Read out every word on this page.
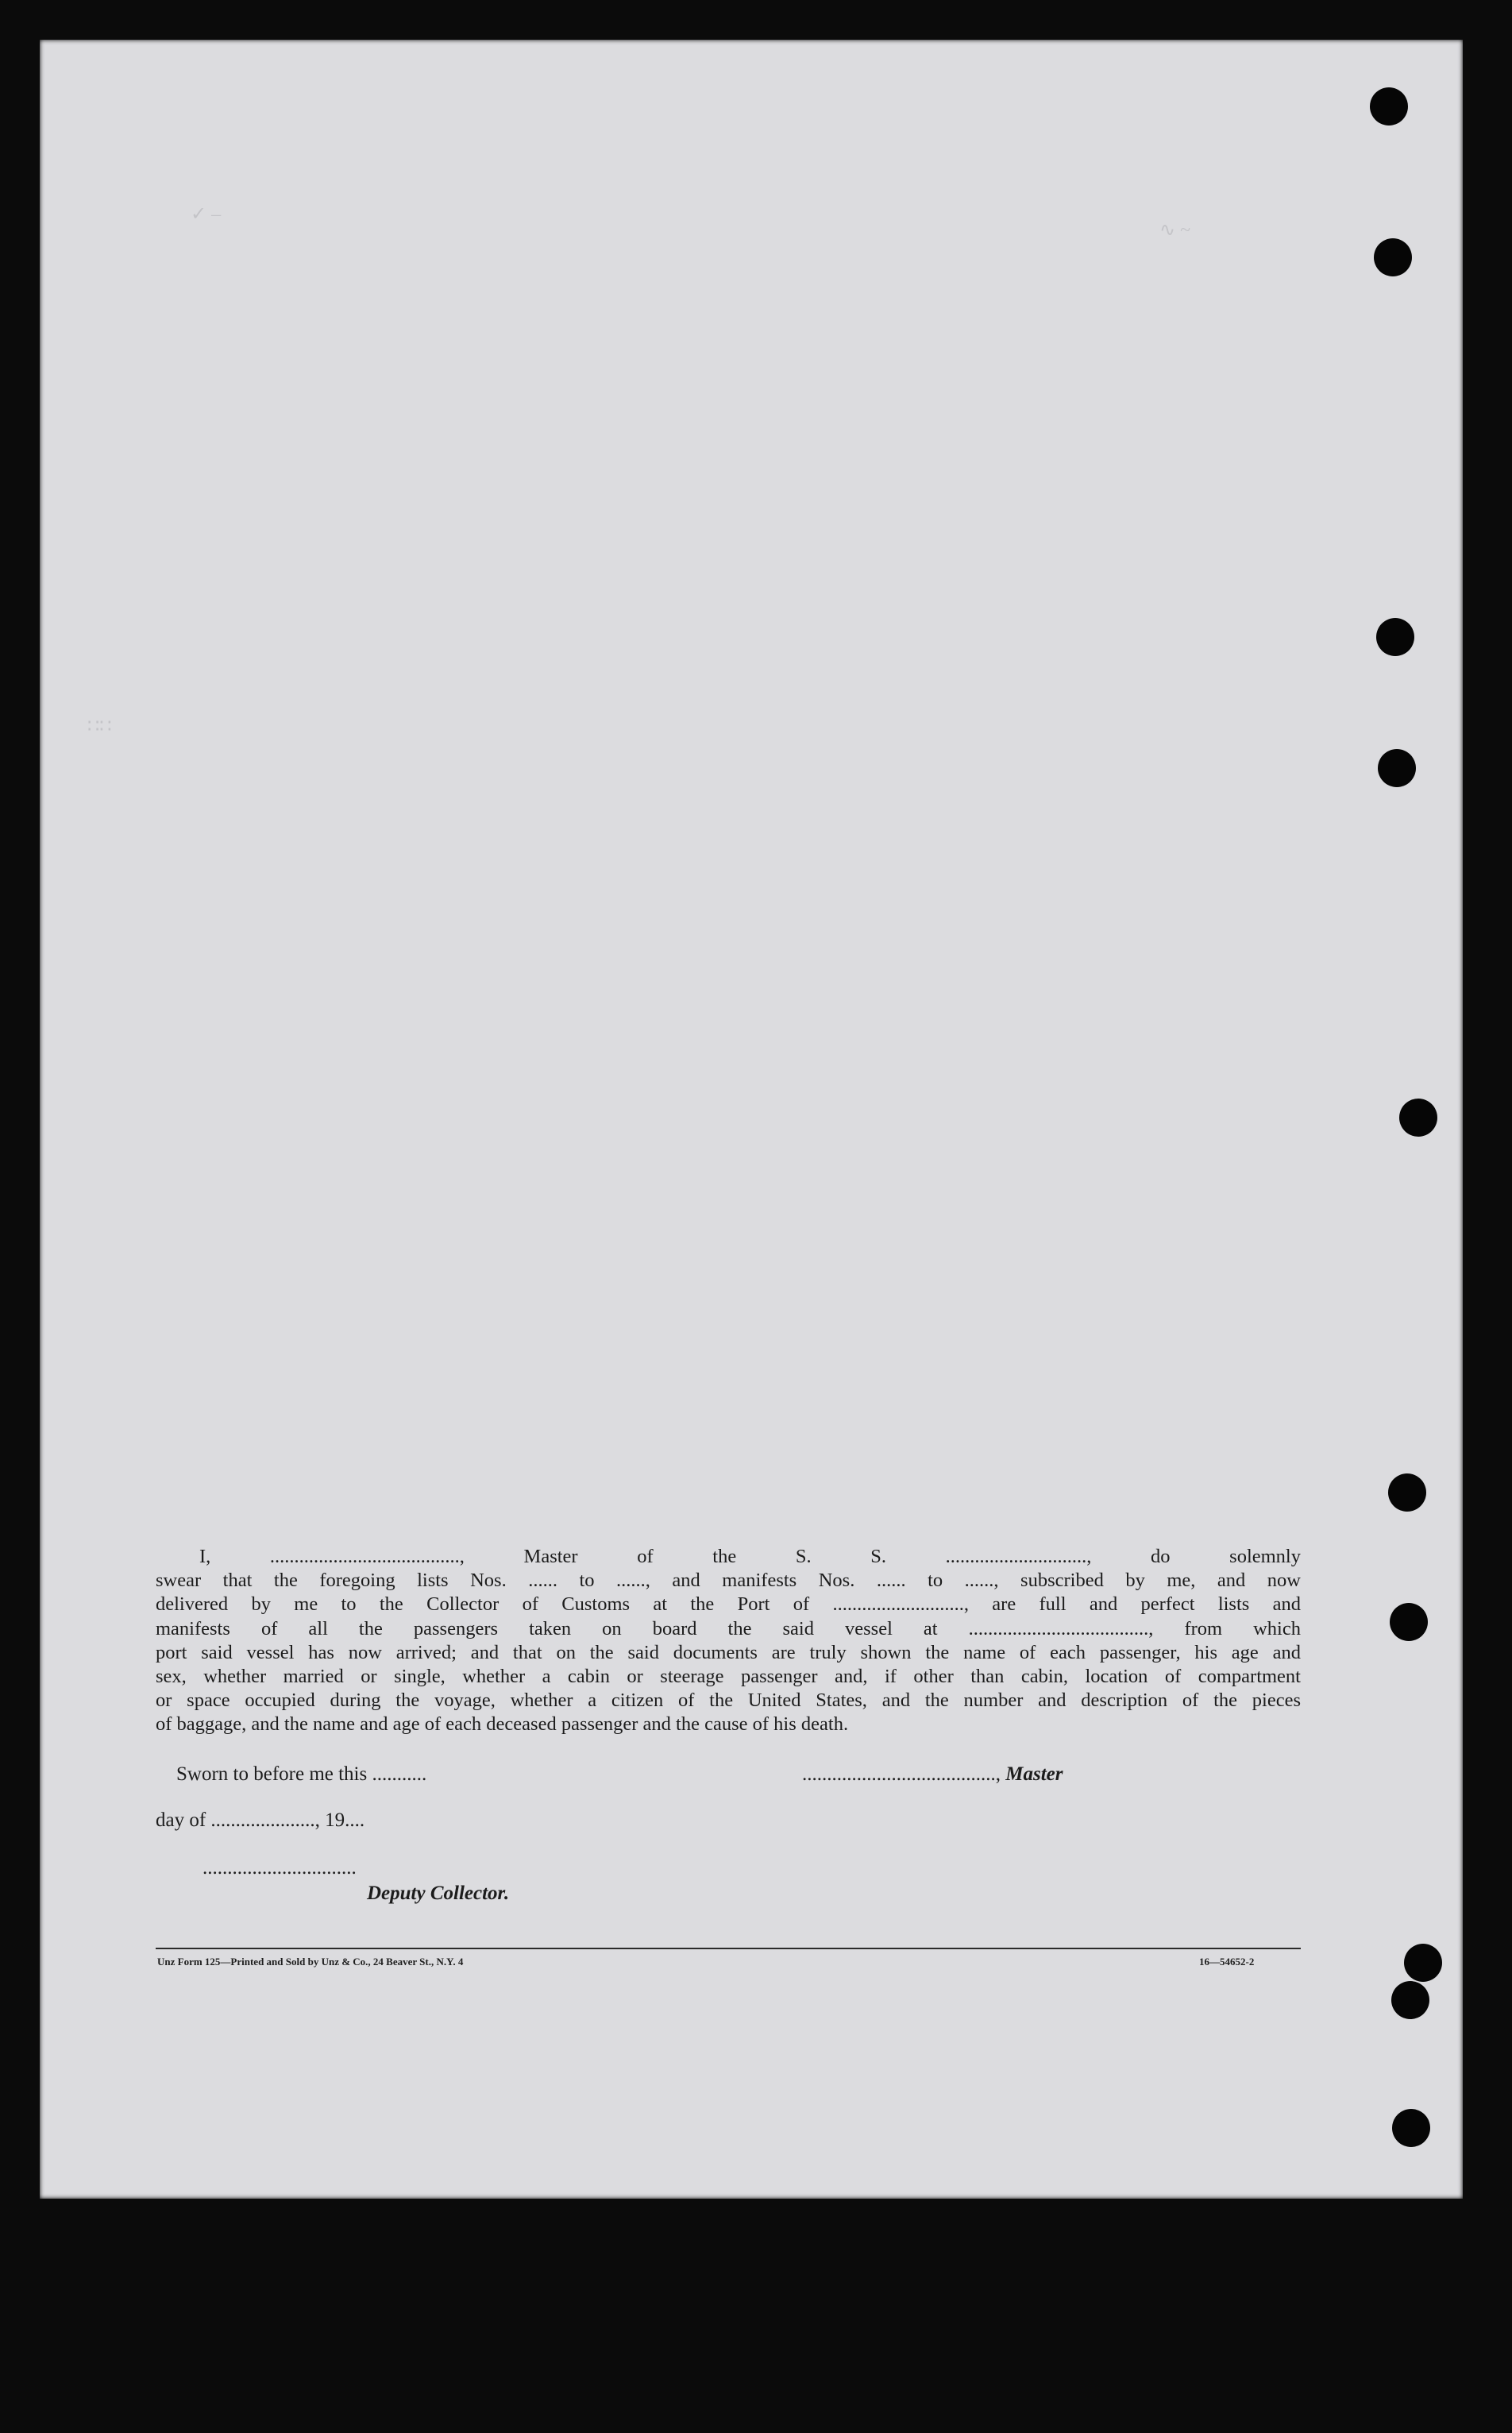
✓ –
∿ ~
∷∷
I, ......................................., Master of the S. S. ............................., do solemnly
swear that the foregoing lists Nos. ...... to ......, and manifests Nos. ...... to ......, subscribed by me, and now
delivered by me to the Collector of Customs at the Port of ..........................., are full and perfect lists and
manifests of all the passengers taken on board the said vessel at ....................................., from which
port said vessel has now arrived; and that on the said documents are truly shown the name of each passenger, his age and
sex, whether married or single, whether a cabin or steerage passenger and, if other than cabin, location of compartment
or space occupied during the voyage, whether a citizen of the United States, and the number and description of the pieces
of baggage, and the name and age of each deceased passenger and the cause of his death.
Sworn to before me this ...........	......................................., Master
day of ....................., 19....
...............................
Deputy Collector.
Unz Form 125—Printed and Sold by Unz & Co., 24 Beaver St., N.Y. 4	16—54652-2
